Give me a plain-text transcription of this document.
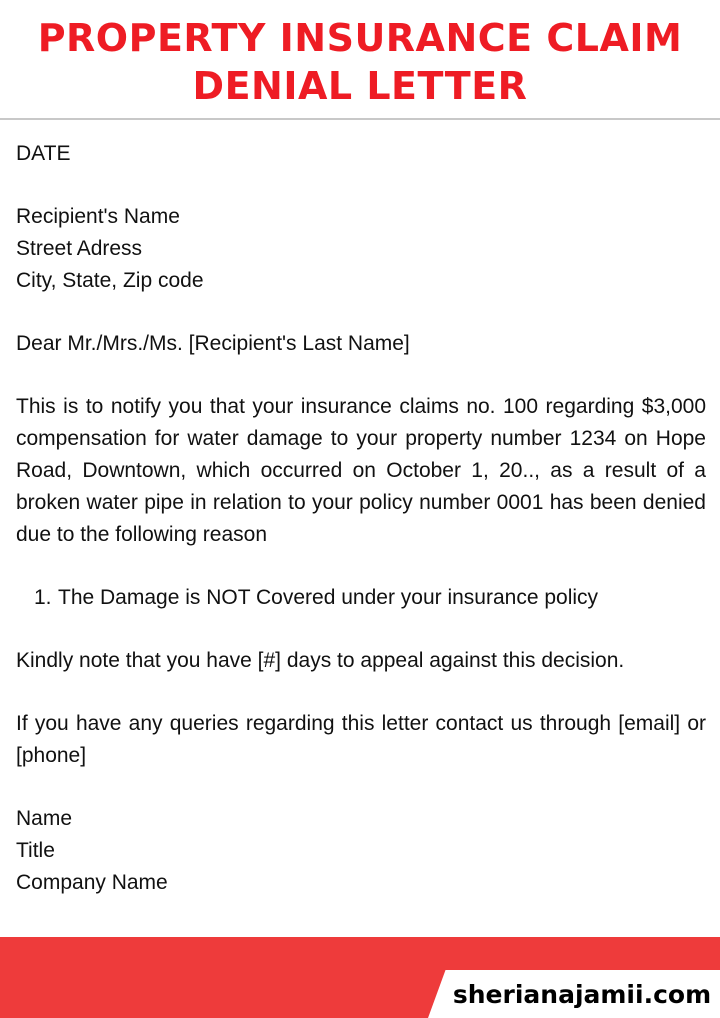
PROPERTY INSURANCE CLAIM
DENIAL LETTER

DATE

Recipient's Name

Street Adress

City, State, Zip code

Dear Mr./Mrs./Ms. [Recipient's Last Name]

This is to notify you that your insurance claims no. 100 regarding $3,000 compensation for water damage to your property number 1234 on Hope Road, Downtown, which occurred on October 1, 20.., as a result of a broken water pipe in relation to your policy number 0001 has been denied due to the following reason

1. The Damage is NOT Covered under your insurance policy

Kindly note that you have [#] days to appeal against this decision.

If you have any queries regarding this letter contact us through [email] or [phone]

Name

Title

Company Name

sherianajamii.com
